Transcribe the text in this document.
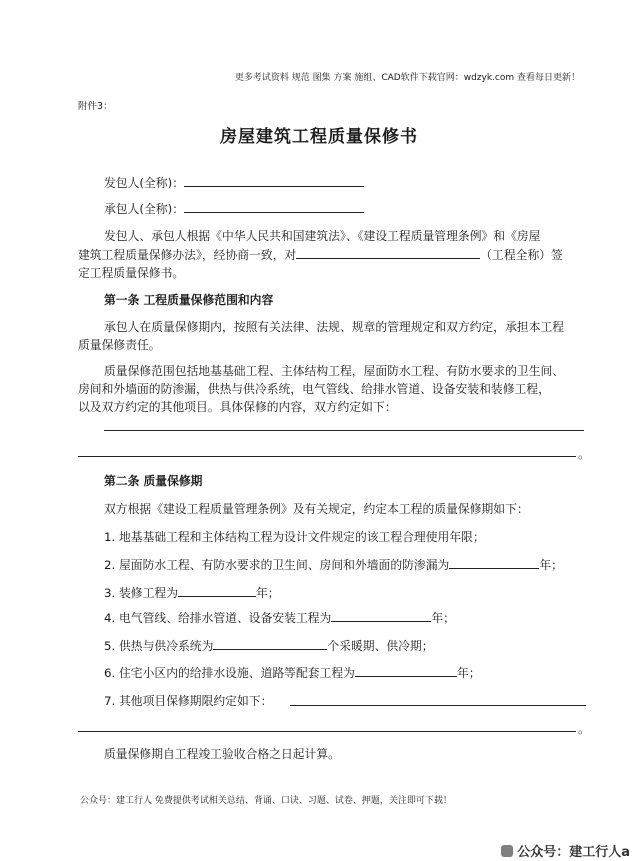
更多考试资料 规范 图集 方案 施组、CAD软件下载官网：wdzyk.com 查看每日更新！
附件3：
房屋建筑工程质量保修书
发包人(全称)：
承包人(全称)：
发包人、承包人根据《中华人民共和国建筑法》、《建设工程质量管理条例》和《房屋
建筑工程质量保修办法》，经协商一致，对	（工程全称）签
定工程质量保修书。
第一条 工程质量保修范围和内容
承包人在质量保修期内，按照有关法律、法规、规章的管理规定和双方约定，承担本工程
质量保修责任。
质量保修范围包括地基基础工程、主体结构工程，屋面防水工程、有防水要求的卫生间、
房间和外墙面的防渗漏，供热与供冷系统，电气管线、给排水管道、设备安装和装修工程，
以及双方约定的其他项目。具体保修的内容，双方约定如下：
。
第二条 质量保修期
双方根据《建设工程质量管理条例》及有关规定，约定本工程的质量保修期如下：
1. 地基基础工程和主体结构工程为设计文件规定的该工程合理使用年限；
2. 屋面防水工程、有防水要求的卫生间、房间和外墙面的防渗漏为	年；
3. 装修工程为	年；
4. 电气管线、给排水管道、设备安装工程为	年；
5. 供热与供冷系统为	个采暖期、供冷期；
6. 住宅小区内的给排水设施、道路等配套工程为	年；
7. 其他项目保修期限约定如下：
。
质量保修期自工程竣工验收合格之日起计算。
公众号：建工行人 免费提供考试相关总结、背诵、口诀、习题、试卷、押题，关注即可下载！
公众号：建工行人a
